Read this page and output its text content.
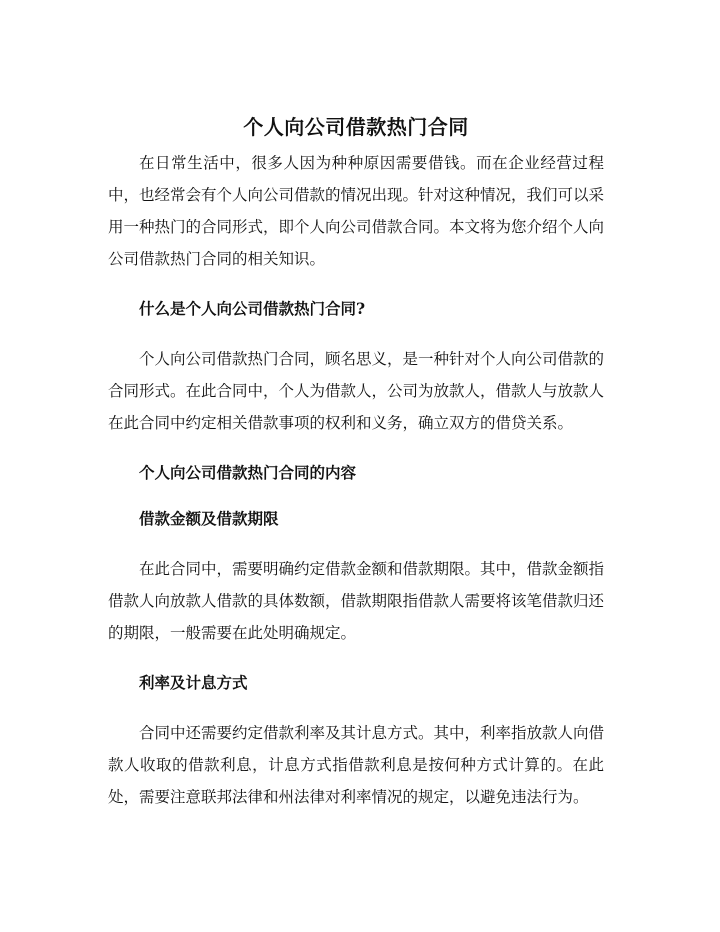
个人向公司借款热门合同

在日常生活中，很多人因为种种原因需要借钱。而在企业经营过程中，也经常会有个人向公司借款的情况出现。针对这种情况，我们可以采用一种热门的合同形式，即个人向公司借款合同。本文将为您介绍个人向公司借款热门合同的相关知识。

什么是个人向公司借款热门合同?

个人向公司借款热门合同，顾名思义，是一种针对个人向公司借款的合同形式。在此合同中，个人为借款人，公司为放款人，借款人与放款人在此合同中约定相关借款事项的权利和义务，确立双方的借贷关系。

个人向公司借款热门合同的内容
借款金额及借款期限

在此合同中，需要明确约定借款金额和借款期限。其中，借款金额指借款人向放款人借款的具体数额，借款期限指借款人需要将该笔借款归还的期限，一般需要在此处明确规定。

利率及计息方式

合同中还需要约定借款利率及其计息方式。其中，利率指放款人向借款人收取的借款利息，计息方式指借款利息是按何种方式计算的。在此处，需要注意联邦法律和州法律对利率情况的规定，以避免违法行为。
